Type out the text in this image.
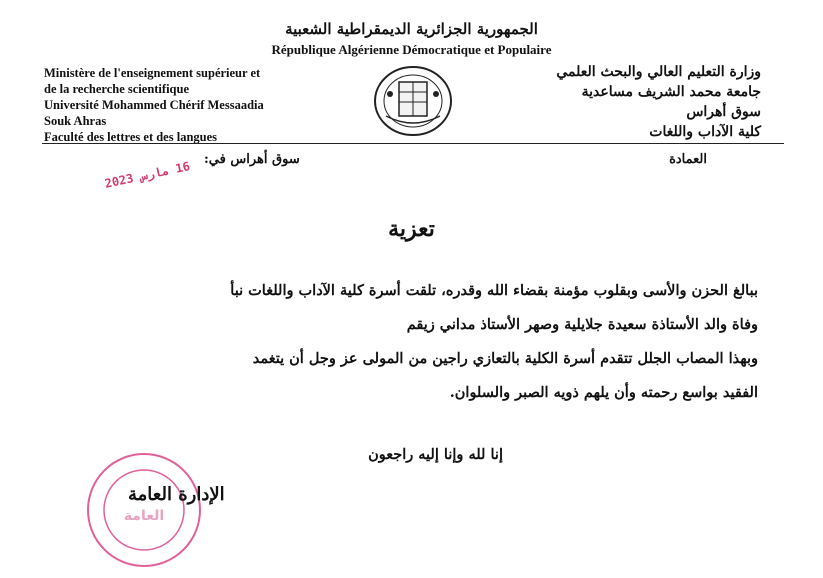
الجمهورية الجزائرية الديمقراطية الشعبية
République Algérienne Démocratique et Populaire
Ministère de l'enseignement supérieur et
de la recherche scientifique
Université Mohammed Chérif Messaadia
Souk Ahras
Faculté des lettres et des langues
وزارة التعليم العالي والبحث العلمي
جامعة محمد الشريف مساعدية
سوق أهراس
كلية الآداب واللغات
العمادة
سوق أهراس في:
16 مارس 2023
تعزية
ببالغ الحزن والأسى وبقلوب مؤمنة بقضاء الله وقدره، تلقت أسرة كلية الآداب واللغات نبأ
وفاة والد الأستاذة سعيدة جلايلية وصهر الأستاذ مداني زيقم
وبهذا المصاب الجلل تتقدم أسرة الكلية بالتعازي راجين من المولى عز وجل أن يتغمد
الفقيد بواسع رحمته وأن يلهم ذويه الصبر والسلوان.
إنا لله وإنا إليه راجعون
العامة
الإدارة العامة
